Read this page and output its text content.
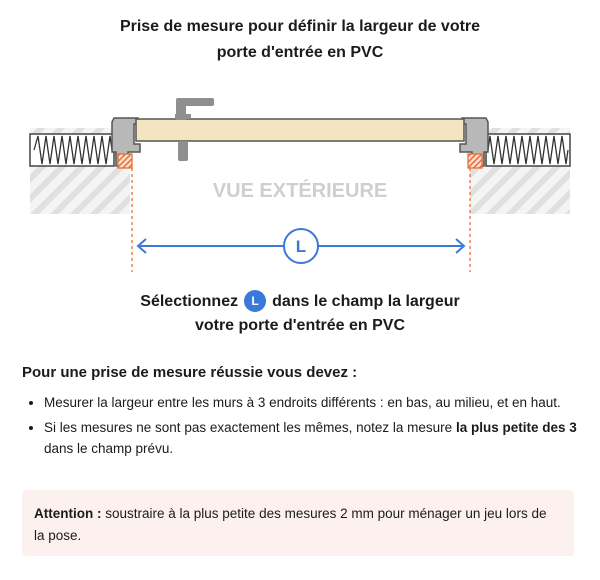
Prise de mesure pour définir la largeur de votre
porte d'entrée en PVC
VUE EXTÉRIEURE
L
Sélectionnez L dans le champ la largeur
votre porte d'entrée en PVC
Pour une prise de mesure réussie vous devez :
• Mesurer la largeur entre les murs à 3 endroits différents : en bas, au milieu, et en haut.
• Si les mesures ne sont pas exactement les mêmes, notez la mesure la plus petite des 3 dans le champ prévu.
Attention : soustraire à la plus petite des mesures 2 mm pour ménager un jeu lors de la pose.
